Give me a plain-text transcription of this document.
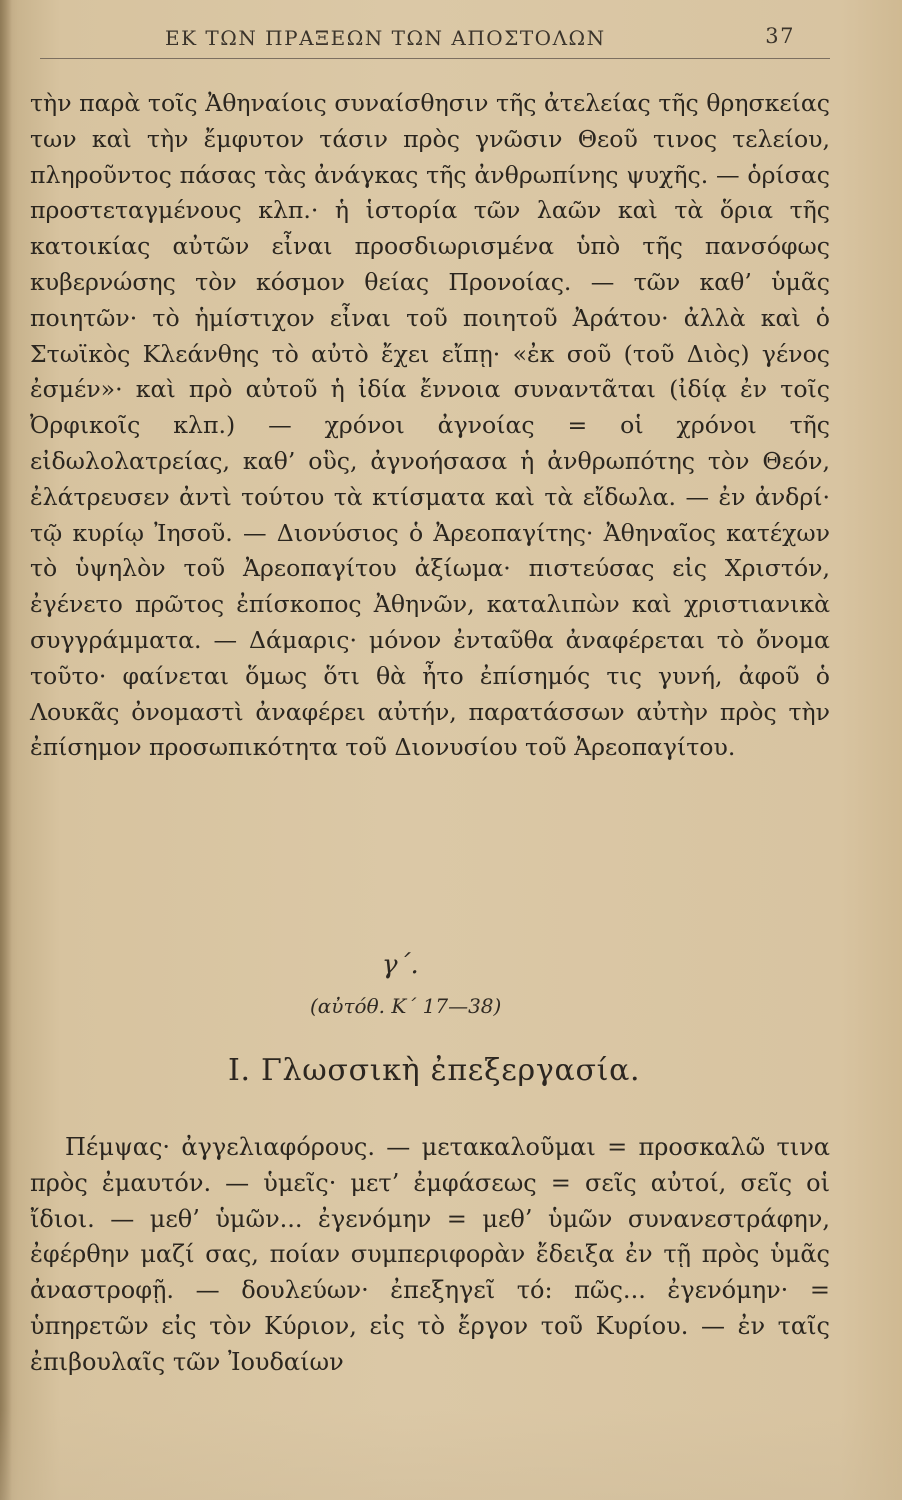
ΕΚ ΤΩΝ ΠΡΑΞΕΩΝ ΤΩΝ ΑΠΟΣΤΟΛΩΝ	37

τὴν παρὰ τοῖς Ἀθηναίοις συναίσθησιν τῆς ἀτελείας τῆς θρησκείας των καὶ τὴν ἔμφυτον τάσιν πρὸς γνῶσιν Θεοῦ τινος τελείου, πληροῦντος πάσας τὰς ἀνάγκας τῆς ἀνθρωπίνης ψυχῆς. — ὁρίσας προστεταγμένους κλπ.· ἡ ἱστορία τῶν λαῶν καὶ τὰ ὅρια τῆς κατοικίας αὐτῶν εἶναι προσδιωρισμένα ὑπὸ τῆς πανσόφως κυβερνώσης τὸν κόσμον θείας Προνοίας. — τῶν καθ’ ὑμᾶς ποιητῶν· τὸ ἡμίστιχον εἶναι τοῦ ποιητοῦ Ἀράτου· ἀλλὰ καὶ ὁ Στωϊκὸς Κλεάνθης τὸ αὐτὸ ἔχει εἴπῃ· «ἐκ σοῦ (τοῦ Διὸς) γένος ἐσμέν»· καὶ πρὸ αὐτοῦ ἡ ἰδία ἔννοια συναντᾶται (ἰδίᾳ ἐν τοῖς Ὀρφικοῖς κλπ.) — χρόνοι ἀγνοίας = οἱ χρόνοι τῆς εἰδωλολατρείας, καθ’ οὓς, ἀγνοήσασα ἡ ἀνθρωπότης τὸν Θεόν, ἐλάτρευσεν ἀντὶ τούτου τὰ κτίσματα καὶ τὰ εἴδωλα. — ἐν ἀνδρί· τῷ κυρίῳ Ἰησοῦ. — Διονύσιος ὁ Ἀρεοπαγίτης· Ἀθηναῖος κατέχων τὸ ὑψηλὸν τοῦ Ἀρεοπαγίτου ἀξίωμα· πιστεύσας εἰς Χριστόν, ἐγένετο πρῶτος ἐπίσκοπος Ἀθηνῶν, καταλιπὼν καὶ χριστιανικὰ συγγράμματα. — Δάμαρις· μόνον ἐνταῦθα ἀναφέρεται τὸ ὄνομα τοῦτο· φαίνεται ὅμως ὅτι θὰ ἦτο ἐπίσημός τις γυνή, ἀφοῦ ὁ Λουκᾶς ὀνομαστὶ ἀναφέρει αὐτήν, παρατάσσων αὐτὴν πρὸς τὴν ἐπίσημον προσωπικότητα τοῦ Διονυσίου τοῦ Ἀρεοπαγίτου.

γ΄.
(αὐτόθ. Κ΄ 17—38)
I. Γλωσσικὴ ἐπεξεργασία.

Πέμψας· ἀγγελιαφόρους. — μετακαλοῦμαι = προσκαλῶ τινα πρὸς ἐμαυτόν. — ὑμεῖς· μετ’ ἐμφάσεως = σεῖς αὐτοί, σεῖς οἱ ἴδιοι. — μεθ’ ὑμῶν... ἐγενόμην = μεθ’ ὑμῶν συνανεστράφην, ἐφέρθην μαζί σας, ποίαν συμπεριφορὰν ἔδειξα ἐν τῇ πρὸς ὑμᾶς ἀναστροφῇ. — δουλεύων· ἐπεξηγεῖ τό: πῶς... ἐγενόμην· = ὑπηρετῶν εἰς τὸν Κύριον, εἰς τὸ ἔργον τοῦ Κυρίου. — ἐν ταῖς ἐπιβουλαῖς τῶν Ἰουδαίων
